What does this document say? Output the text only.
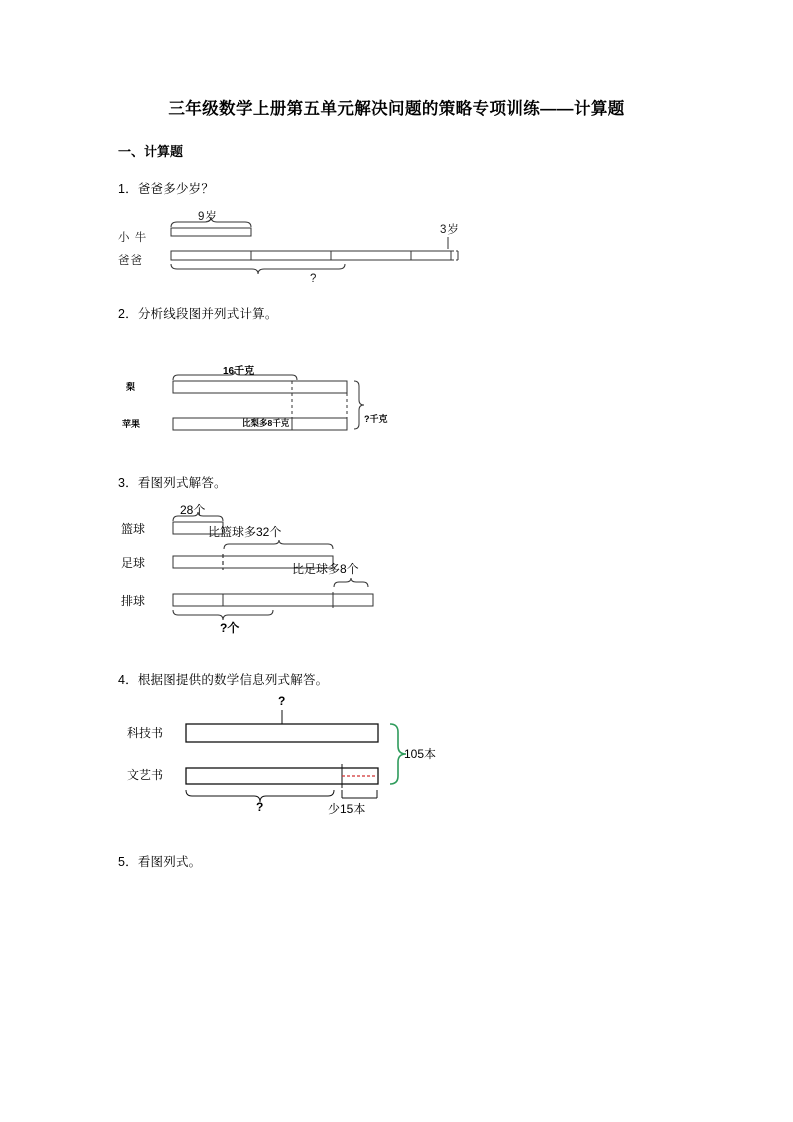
三年级数学上册第五单元解决问题的策略专项训练——计算题
一、计算题
1．爸爸多少岁？
小 牛
爸爸
9岁
3岁
?
2．分析线段图并列式计算。
梨
苹果
16千克
比梨多8千克	?千克
3．看图列式解答。
篮球
足球
排球
28个
比篮球多32个
比足球多8个
?个
4．根据图提供的数学信息列式解答。
科技书
文艺书
?
105本
?	少15本
5．看图列式。
